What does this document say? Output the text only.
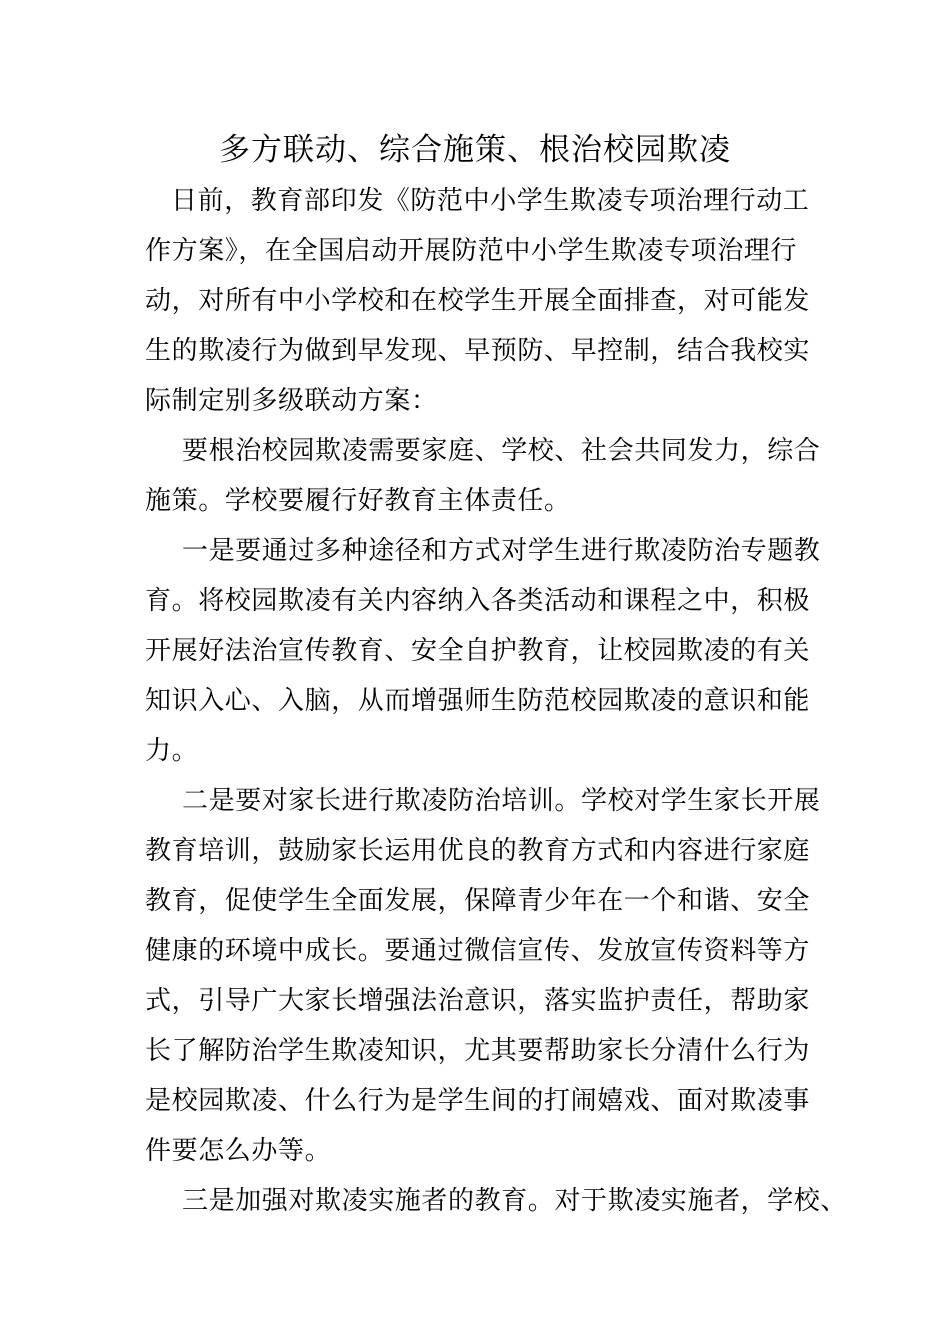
多方联动、综合施策、根治校园欺凌
日前，教育部印发《防范中小学生欺凌专项治理行动工
作方案》，在全国启动开展防范中小学生欺凌专项治理行
动，对所有中小学校和在校学生开展全面排查，对可能发
生的欺凌行为做到早发现、早预防、早控制，结合我校实
际制定别多级联动方案：
要根治校园欺凌需要家庭、学校、社会共同发力，综合
施策。学校要履行好教育主体责任。
一是要通过多种途径和方式对学生进行欺凌防治专题教
育。将校园欺凌有关内容纳入各类活动和课程之中，积极
开展好法治宣传教育、安全自护教育，让校园欺凌的有关
知识入心、入脑，从而增强师生防范校园欺凌的意识和能
力。
二是要对家长进行欺凌防治培训。学校对学生家长开展
教育培训，鼓励家长运用优良的教育方式和内容进行家庭
教育，促使学生全面发展，保障青少年在一个和谐、安全
健康的环境中成长。要通过微信宣传、发放宣传资料等方
式，引导广大家长增强法治意识，落实监护责任，帮助家
长了解防治学生欺凌知识，尤其要帮助家长分清什么行为
是校园欺凌、什么行为是学生间的打闹嬉戏、面对欺凌事
件要怎么办等。
三是加强对欺凌实施者的教育。对于欺凌实施者，学校、
